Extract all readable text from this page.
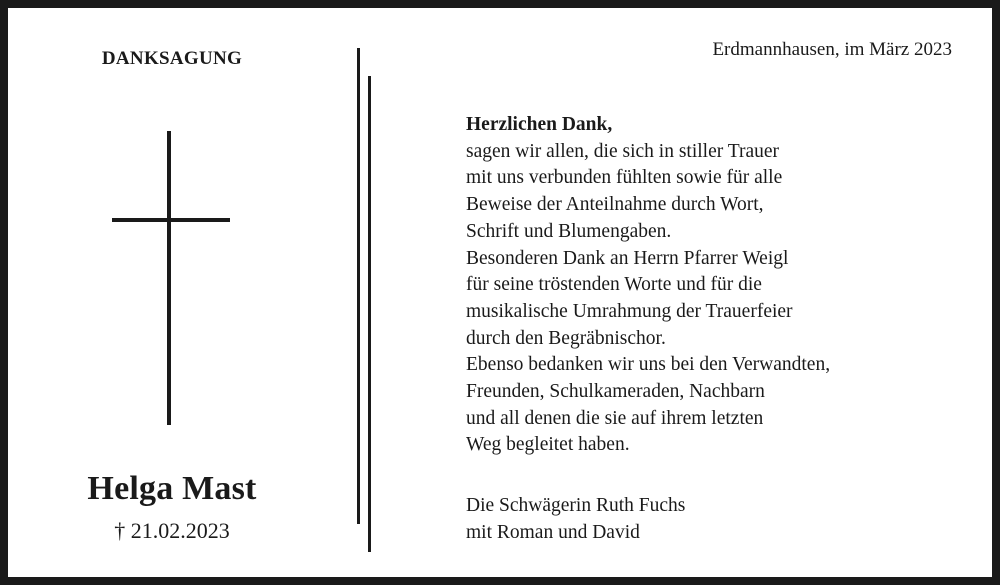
DANKSAGUNG
Helga Mast
† 21.02.2023
Erdmannhausen, im März 2023
Herzlichen Dank,
sagen wir allen, die sich in stiller Trauer
mit uns verbunden fühlten sowie für alle
Beweise der Anteilnahme durch Wort,
Schrift und Blumengaben.
Besonderen Dank an Herrn Pfarrer Weigl
für seine tröstenden Worte und für die
musikalische Umrahmung der Trauerfeier
durch den Begräbnischor.
Ebenso bedanken wir uns bei den Verwandten,
Freunden, Schulkameraden, Nachbarn
und all denen die sie auf ihrem letzten
Weg begleitet haben.
Die Schwägerin Ruth Fuchs
mit Roman und David
